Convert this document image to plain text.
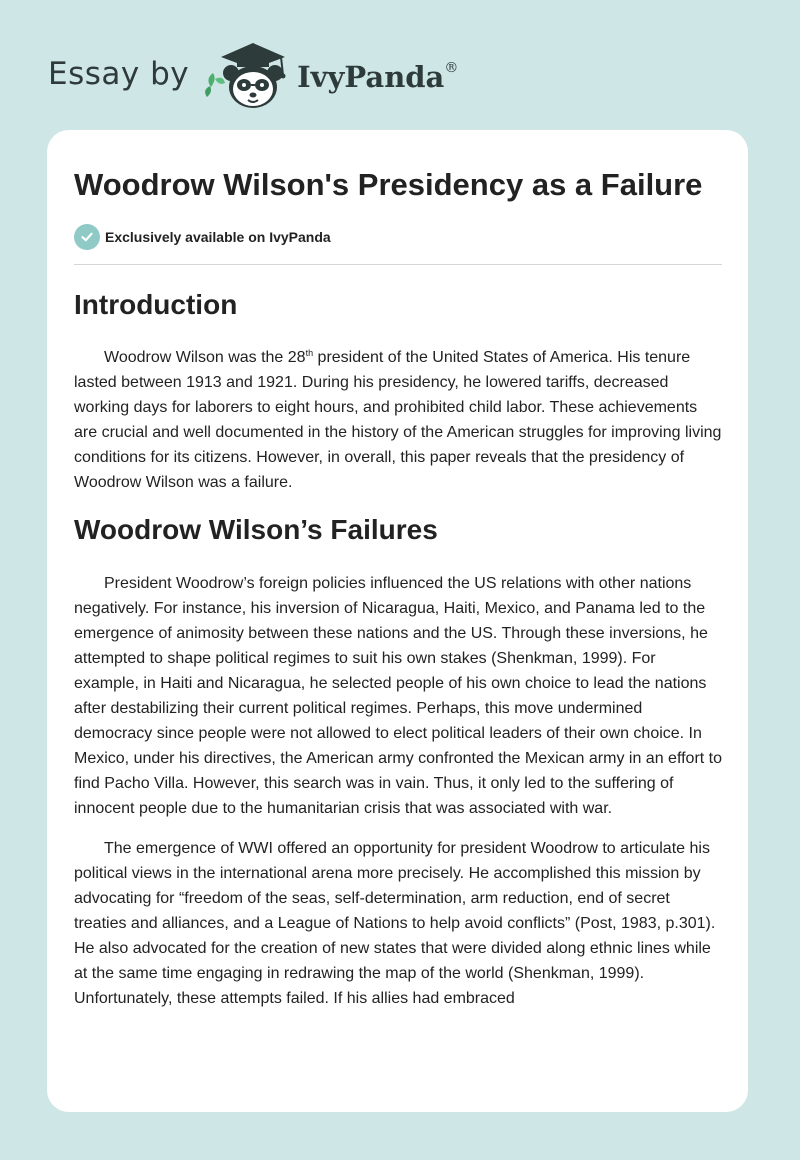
Essay by	IvyPanda®
Woodrow Wilson's Presidency as a Failure
Exclusively available on IvyPanda
Introduction

Woodrow Wilson was the 28th president of the United States of America. His tenure lasted between 1913 and 1921. During his presidency, he lowered tariffs, decreased working days for laborers to eight hours, and prohibited child labor. These achievements are crucial and well documented in the history of the American struggles for improving living conditions for its citizens. However, in overall, this paper reveals that the presidency of Woodrow Wilson was a failure.

Woodrow Wilson’s Failures

President Woodrow’s foreign policies influenced the US relations with other nations negatively. For instance, his inversion of Nicaragua, Haiti, Mexico, and Panama led to the emergence of animosity between these nations and the US. Through these inversions, he attempted to shape political regimes to suit his own stakes (Shenkman, 1999). For example, in Haiti and Nicaragua, he selected people of his own choice to lead the nations after destabilizing their current political regimes. Perhaps, this move undermined democracy since people were not allowed to elect political leaders of their own choice. In Mexico, under his directives, the American army confronted the Mexican army in an effort to find Pacho Villa. However, this search was in vain. Thus, it only led to the suffering of innocent people due to the humanitarian crisis that was associated with war.

The emergence of WWI offered an opportunity for president Woodrow to articulate his political views in the international arena more precisely. He accomplished this mission by advocating for “freedom of the seas, self-determination, arm reduction, end of secret treaties and alliances, and a League of Nations to help avoid conflicts” (Post, 1983, p.301). He also advocated for the creation of new states that were divided along ethnic lines while at the same time engaging in redrawing the map of the world (Shenkman, 1999). Unfortunately, these attempts failed. If his allies had embraced
